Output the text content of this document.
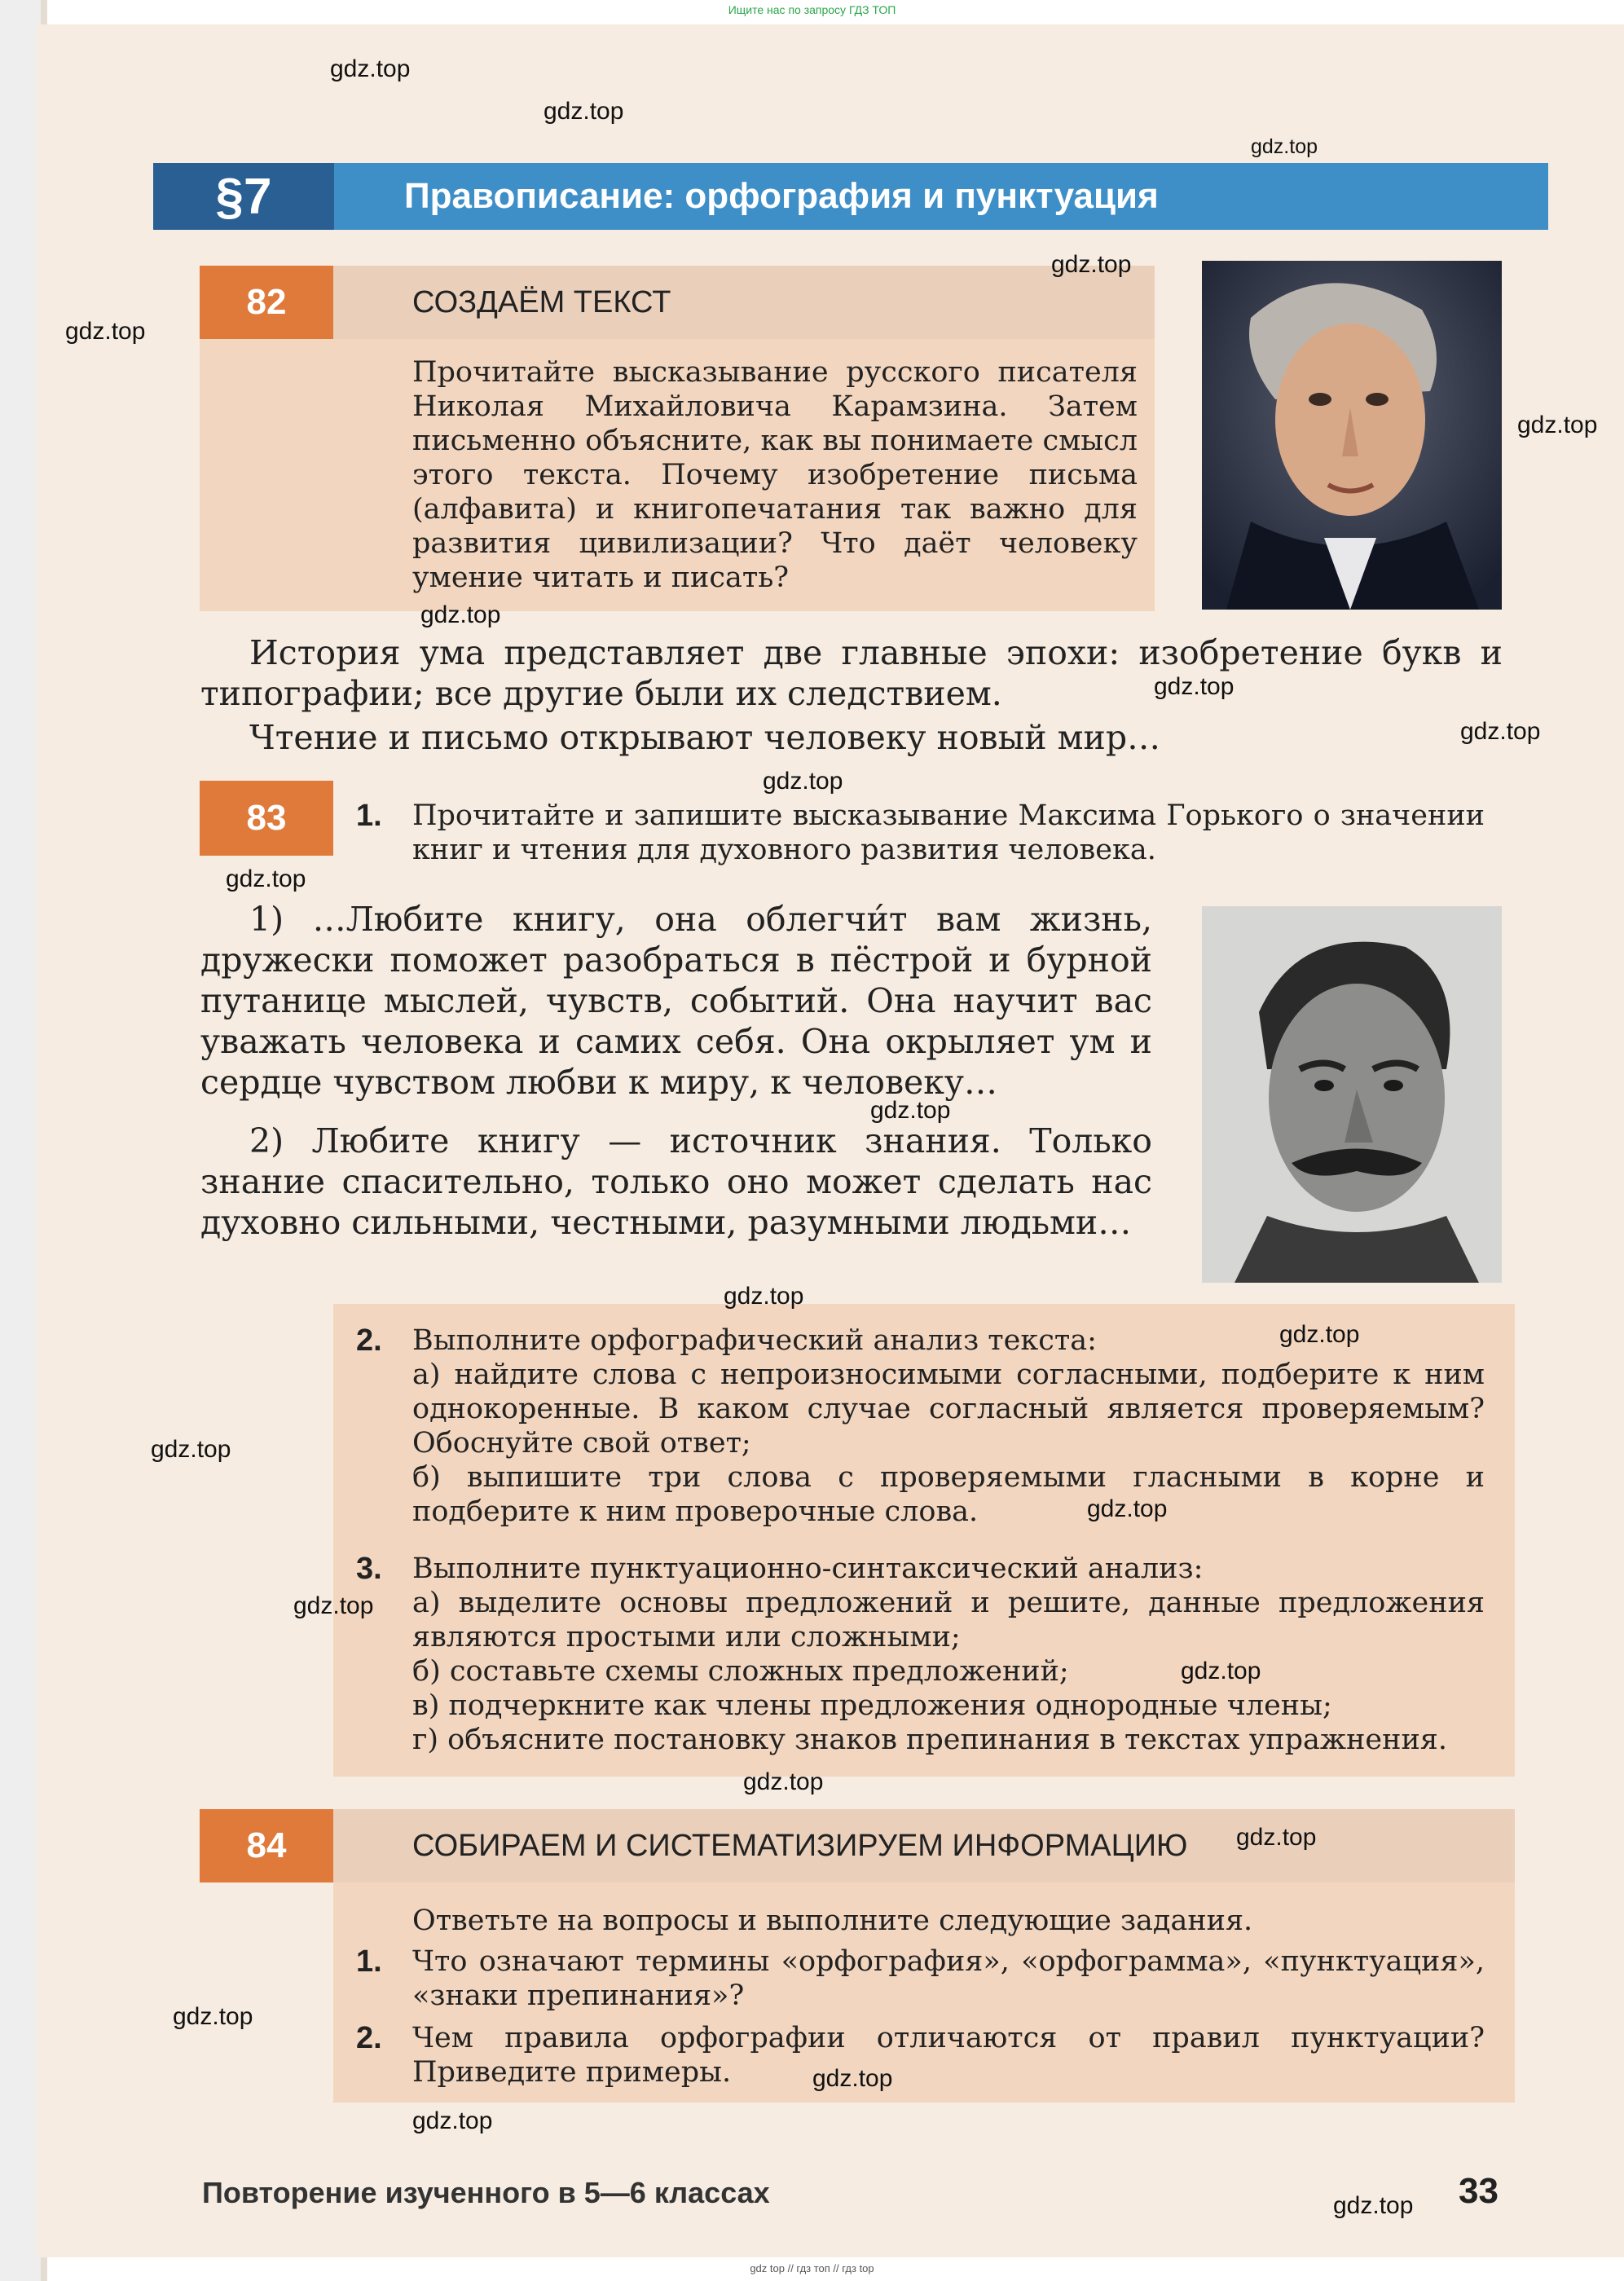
Ищите нас по запросу ГДЗ ТОП
§7	Правописание: орфография и пунктуация
82	СОЗДАЁМ ТЕКСТ

Прочитайте высказывание русского писателя Николая Михайловича Карамзина. Затем письменно объясните, как вы понимаете смысл этого текста. Почему изобретение письма (алфавита) и книгопечатания так важно для развития цивилизации? Что даёт человеку умение читать и писать?

История ума представляет две главные эпохи: изобретение букв и типографии; все другие были их следствием.

Чтение и письмо открывают человеку новый мир…

83	1. Прочитайте и запишите высказывание Максима Горького о значении книг и чтения для духовного развития человека.

1) …Любите книгу, она облегчи́т вам жизнь, дружески поможет разобраться в пёстрой и бурной путанице мыслей, чувств, событий. Она научит вас уважать человека и самих себя. Она окрыляет ум и сердце чувством любви к миру, к человеку…

2) Любите книгу — источник знания. Только знание спасительно, только оно может сделать нас духовно сильными, честными, разумными людьми…

2. Выполните орфографический анализ текста:

а) найдите слова с непроизносимыми согласными, подберите к ним однокоренные. В каком случае согласный является проверяемым? Обоснуйте свой ответ;

б) выпишите три слова с проверяемыми гласными в корне и подберите к ним проверочные слова.

3. Выполните пунктуационно-синтаксический анализ:

а) выделите основы предложений и решите, данные предложения являются простыми или сложными;

б) составьте схемы сложных предложений;

в) подчеркните как члены предложения однородные члены;

г) объясните постановку знаков препинания в текстах упражнения.

84	СОБИРАЕМ И СИСТЕМАТИЗИРУЕМ ИНФОРМАЦИЮ

Ответьте на вопросы и выполните следующие задания.

1. Что означают термины «орфография», «орфограмма», «пунктуация», «знаки препинания»?

2. Чем правила орфографии отличаются от правил пунктуации? Приведите примеры.

gdz.top
gdz.top
gdz.top
gdz.top
gdz.top
gdz.top
gdz.top
gdz.top
gdz.top
gdz.top
gdz.top
gdz.top
gdz.top
gdz.top
gdz.top
gdz.top
gdz.top
gdz.top
gdz.top
gdz.top
gdz.top
gdz.top
gdz.top
gdz.top
Повторение изученного в 5—6 классах	33
gdz top // гдз топ // гдз top
